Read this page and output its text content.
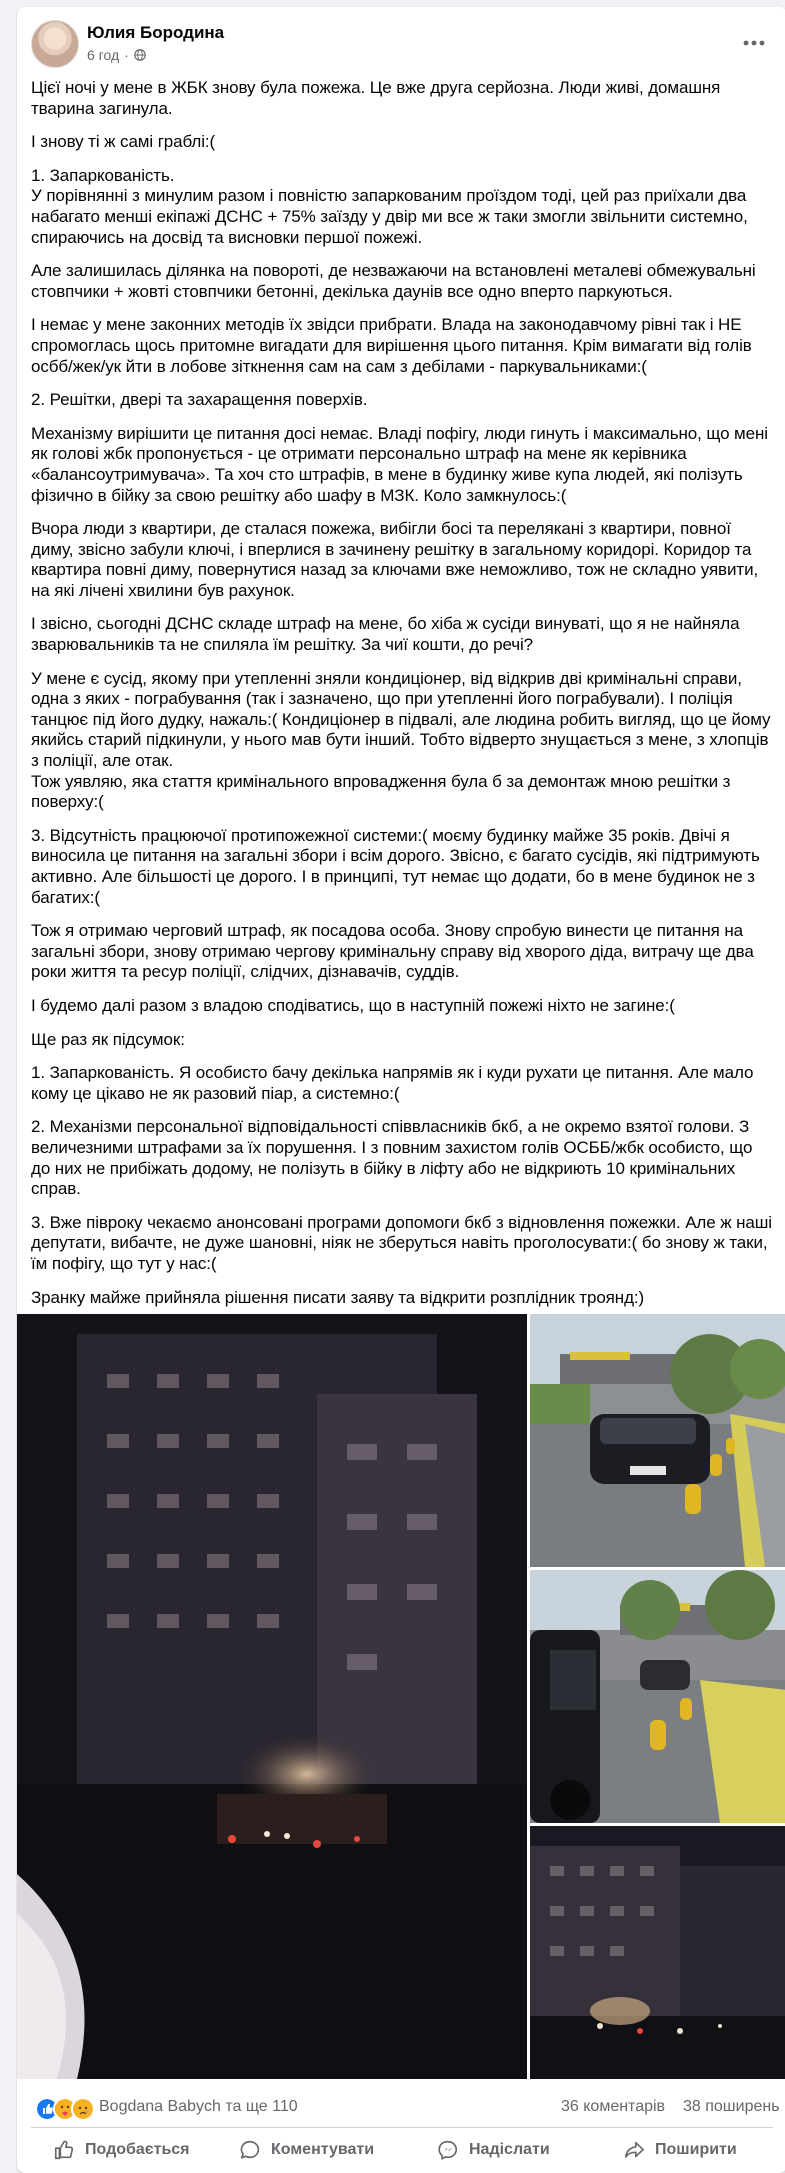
Юлия Бородина
6 год ·

Цієї ночі у мене в ЖБК знову була пожежа. Це вже друга серйозна. Люди живі, домашня тварина загинула.

І знову ті ж самі граблі:(

1. Запаркованість.
У порівнянні з минулим разом і повністю запаркованим проїздом тоді, цей раз приїхали два набагато менші екіпажі ДСНС + 75% заїзду у двір ми все ж таки змогли звільнити системно, спираючись на досвід та висновки першої пожежі.

Але залишилась ділянка на повороті, де незважаючи на встановлені металеві обмежувальні стовпчики + жовті стовпчики бетонні, декілька даунів все одно вперто паркуються.

І немає у мене законних методів їх звідси прибрати. Влада на законодавчому рівні так і НЕ спромоглась щось притомне вигадати для вирішення цього питання. Крім вимагати від голів осбб/жек/ук йти в лобове зіткнення сам на сам з дебілами - паркувальниками:(

2. Решітки, двері та захаращення поверхів.

Механізму вирішити це питання досі немає. Владі пофігу, люди гинуть і максимально, що мені як голові жбк пропонується - це отримати персонально штраф на мене як керівника «балансоутримувача». Та хоч сто штрафів, в мене в будинку живе купа людей, які полізуть фізично в бійку за свою решітку або шафу в МЗК. Коло замкнулось:(

Вчора люди з квартири, де сталася пожежа, вибігли босі та перелякані з квартири, повної диму, звісно забули ключі, і вперлися в зачинену решітку в загальному коридорі. Коридор та квартира повні диму, повернутися назад за ключами вже неможливо, тож не складно уявити, на які лічені хвилини був рахунок.

І звісно, сьогодні ДСНС складе штраф на мене, бо хіба ж сусіди винуваті, що я не найняла зварювальників та не спиляла їм решітку. За чиї кошти, до речі?

У мене є сусід, якому при утепленні зняли кондиціонер, від відкрив дві кримінальні справи, одна з яких - пограбування (так і зазначено, що при утепленні його пограбували). І поліція танцює під його дудку, нажаль:( Кондиціонер в підвалі, але людина робить вигляд, що це йому якийсь старий підкинули, у нього мав бути інший. Тобто відверто знущається з мене, з хлопців з поліції, але отак.
Тож уявляю, яка стаття кримінального впровадження була б за демонтаж мною решітки з поверху:(

3. Відсутність працюючої протипожежної системи:( моєму будинку майже 35 років. Двічі я виносила це питання на загальні збори і всім дорого. Звісно, є багато сусідів, які підтримують активно. Але більшості це дорого. І в принципі, тут немає що додати, бо в мене будинок не з багатих:(

Тож я отримаю черговий штраф, як посадова особа. Знову спробую винести це питання на загальні збори, знову отримаю чергову кримінальну справу від хворого діда, витрачу ще два роки життя та ресур поліції, слідчих, дізнавачів, суддів.

І будемо далі разом з владою сподіватись, що в наступній пожежі ніхто не загине:(

Ще раз як підсумок:

1. Запаркованість. Я особисто бачу декілька напрямів як і куди рухати це питання. Але мало кому це цікаво не як разовий піар, а системно:(

2. Механізми персональної відповідальності співвласників бкб, а не окремо взятої голови. З величезними штрафами за їх порушення. І з повним захистом голів ОСББ/жбк особисто, що до них не прибіжать додому, не полізуть в бійку в ліфту або не відкриють 10 кримінальних справ.

3. Вже півроку чекаємо анонсовані програми допомоги бкб з відновлення пожежки. Але ж наші депутати, вибачте, не дуже шановні, ніяк не зберуться навіть проголосувати:( бо знову ж таки, їм пофігу, що тут у нас:(

Зранку майже прийняла рішення писати заяву та відкрити розплідник троянд:)

Bogdana Babych та ще 110	36 коментарів 38 поширень
Подобається	Коментувати	Надіслати	Поширити
